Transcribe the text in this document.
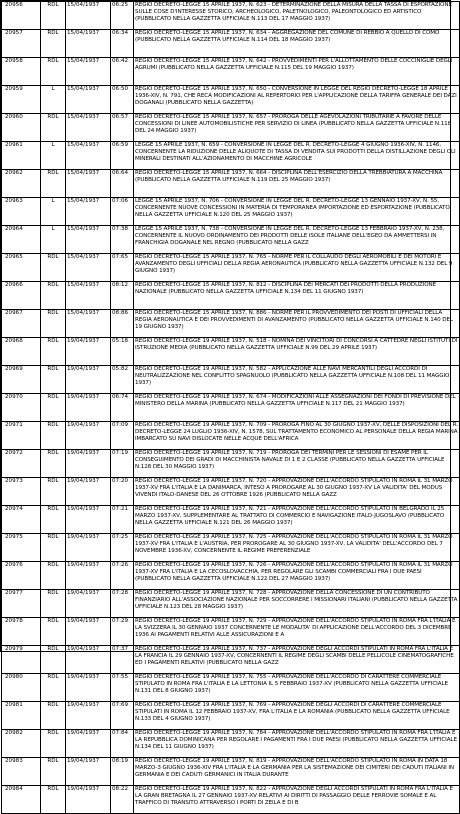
20956	RDL	15/04/1937	06:25	REGIO DECRETO-LEGGE 15 APRILE 1937, N. 623 - DETERMINAZIONE DELLA MISURA DELLA TASSA DI ESPORTAZIONE SULLE COSE D'INTERESSE STORICO, ARCHEOLOGICO, PALETNOLOGICO, PALEONTOLOGICO ED ARTISTICO (PUBBLICATO NELLA GAZZETTA UFFICIALE N.113 DEL 17 MAGGIO 1937)
20957	RDL	15/04/1937	06:34	REGIO DECRETO-LEGGE 15 APRILE 1937, N. 634 - AGGREGAZIONE DEL COMUNE DI REBBIO A QUELLO DI COMO (PUBBLICATO NELLA GAZZETTA UFFICIALE N.114 DEL 18 MAGGIO 1937)
20958	RDL	15/04/1937	06:42	REGIO DECRETO-LEGGE 15 APRILE 1937, N. 642 - PROVVEDIMENTI PER L'ALLOTTAMENTO DELLE COCCINIGLIE DEGLI AGRUMI (PUBBLICATO NELLA GAZZETTA UFFICIALE N.115 DEL 19 MAGGIO 1937)
20959	L	15/04/1937	06:50	REGIO DECRETO-LEGGE 15 APRILE 1937, N. 650 - CONVERSIONE IN LEGGE DEL REGIO DECRETO-LEGGE 18 APRILE 1936-XIV, N. 791, CHE RECA MODIFICAZIONI AL REPERTORIO PER L'APPLICAZIONE DELLA TARIFFA GENERALE DEI DAZI DOGANALI (PUBBLICATO NELLA GAZZETTA)
20960	RDL	15/04/1937	06:57	REGIO DECRETO-LEGGE 15 APRILE 1937, N. 657 - PROROGA DELLE AGEVOLAZIONI TRIBUTARIE A FAVORE DELLE CONCESSIONI DI LINEE AUTOMOBILISTICHE PER SERVIZIO DI LINEA (PUBBLICATO NELLA GAZZETTA UFFICIALE N.118 DEL 24 MAGGIO 1937)
20961	L	15/04/1937	06:59	LEGGE 15 APRILE 1937, N. 659 - CONVERSIONE IN LEGGE DEL R. DECRETO-LEGGE 4 GIUGNO 1936-XIV, N. 1146, CONCERNENTE LA RIDUZIONE DELLE ALIQUOTE DI TASSA DI VENDITA SUI PRODOTTI DELLA DISTILLAZIONE DEGLI OLI MINERALI DESTINATI ALL'AZIONAMENTO DI MACCHINE AGRICOLE
20962	RDL	15/04/1937	06:64	REGIO DECRETO-LEGGE 15 APRILE 1937, N. 664 - DISCIPLINA DELL'ESERCIZIO DELLA TREBBIATURA A MACCHINA (PUBBLICATO NELLA GAZZETTA UFFICIALE N.119 DEL 25 MAGGIO 1937)
20963	L	15/04/1937	07:06	LEGGE 15 APRILE 1937, N. 706 - CONVERSIONE IN LEGGE DEL R. DECRETO-LEGGE 13 GENNAIO 1937-XV, N. 55, CONCERNENTE NUOVE CONCESSIONI IN MATERIA DI TEMPORANEA IMPORTAZIONE ED ESPORTAZIONE (PUBBLICATO NELLA GAZZETTA UFFICIALE N.120 DEL 25 MAGGIO 1937)
20964	L	15/04/1937	07:38	LEGGE 15 APRILE 1937, N. 738 - CONVERSIONE IN LEGGE DEL R. DECRETO-LEGGE 13 FEBBRAIO 1937-XV, N. 238, CONCERNENTE IL NUOVO ORDINAMENTO DEI PRODOTTI DELLE ISOLE ITALIANE DELL'EGEO DA AMMETTERSI IN FRANCHIGIA DOGANALE NEL REGNO (PUBBLICATO NELLA GAZZ
20965	RDL	15/04/1937	07:65	REGIO DECRETO-LEGGE 15 APRILE 1937, N. 765 - NORME PER IL COLLAUDO DEGLI AEROMOBILI E DEI MOTORI E AVANZAMENTO DEGLI UFFICIALI DELLA REGIA AERONAUTICA (PUBBLICATO NELLA GAZZETTA UFFICIALE N.132 DEL 9 GIUGNO 1937)
20966	RDL	15/04/1937	08:12	REGIO DECRETO-LEGGE 15 APRILE 1937, N. 812 - DISCIPLINA DEI MERCATI DEI PRODOTTI DELLA PRODUZIONE NAZIONALE (PUBBLICATO NELLA GAZZETTA UFFICIALE N.134 DEL 11 GIUGNO 1937)
20967	RDL	15/04/1937	08:86	REGIO DECRETO-LEGGE 15 APRILE 1937, N. 886 - NORME PER IL PROVVEDIMENTO DEI POSTI DI UFFICIALI DELLA REGIA AERONAUTICA E DEI PROVVEDIMENTI DI AVANZAMENTO (PUBBLICATO NELLA GAZZETTA UFFICIALE N.140 DEL 19 GIUGNO 1937)
20968	RDL	19/04/1937	05:18	REGIO DECRETO-LEGGE 19 APRILE 1937, N. 518 - NOMINA DEI VINCITORI DI CONCORSI A CATTEDRE NEGLI ISTITUTI DI ISTRUZIONE MEDIA (PUBBLICATO NELLA GAZZETTA UFFICIALE N.99 DEL 29 APRILE 1937)
20969	RDL	19/04/1937	05:82	REGIO DECRETO-LEGGE 19 APRILE 1937, N. 582 - APPLICAZIONE ALLE NAVI MERCANTILI DEGLI ACCORDI DI NEUTRALIZZAZIONE NEL CONFLITTO SPAGNUOLO (PUBBLICATO NELLA GAZZETTA UFFICIALE N.108 DEL 11 MAGGIO 1937)
20970	RDL	19/04/1937	06:74	REGIO DECRETO-LEGGE 19 APRILE 1937, N. 674 - MODIFICAZIONI ALLE ASSEGNAZIONI DEI FONDI DI PREVISIONE DEL MINISTERO DELLA MARINA (PUBBLICATO NELLA GAZZETTA UFFICIALE N.117 DEL 21 MAGGIO 1937)
20971	RDL	19/04/1937	07:09	REGIO DECRETO-LEGGE 19 APRILE 1937, N. 709 - PROROGA FINO AL 30 GIUGNO 1937-XV, DELLE DISPOSIZIONI DEL R. DECRETO-LEGGE 24 LUGLIO 1936-XIV, N. 1578, SUL TRATTAMENTO ECONOMICO AL PERSONALE DELLA REGIA MARINA IMBARCATO SU NAVI DISLOCATE NELLE ACQUE DELL'AFRICA
20972	RDL	19/04/1937	07:19	REGIO DECRETO-LEGGE 19 APRILE 1937, N. 719 - PROROGA DEI TERMINI PER LE SESSIONI DI ESAME PER IL CONSEGUIMENTO DEI GRADI DI MACCHINISTA NAVALE DI 1 E 2 CLASSE (PUBBLICATO NELLA GAZZETTA UFFICIALE N.128 DEL 30 MAGGIO 1937)
20973	RDL	19/04/1937	07:20	REGIO DECRETO-LEGGE 19 APRILE 1937, N. 720 - APPROVAZIONE DELL'ACCORDO STIPULATO IN ROMA IL 31 MARZO 1937-XV FRA L'ITALIA E LA DANIMARCA, INTESO A PROROGARE AL 30 GIUGNO 1937-XV LA VALIDITA' DEL MODUS VIVENDI ITALO-DANESE DEL 26 OTTOBRE 1926 (PUBBLICATO NELLA GAZZ
20974	RDL	19/04/1937	07:21	REGIO DECRETO-LEGGE 19 APRILE 1937, N. 721 - APPROVAZIONE DELL'ACCORDO STIPULATO IN BELGRADO IL 25 MARZO 1937-XV, SUPPLEMENTARE AL TRATTATO DI COMMERCIO E NAVIGAZIONE ITALO-JUGOSLAVO (PUBBLICATO NELLA GAZZETTA UFFICIALE N.121 DEL 26 MAGGIO 1937)
20975	RDL	19/04/1937	07:25	REGIO DECRETO-LEGGE 19 APRILE 1937, N. 725 - APPROVAZIONE DELL'ACCORDO STIPULATO IN ROMA IL 31 MARZO 1937-XV FRA L'ITALIA E L'AUSTRIA, PER PROROGARE AL 30 GIUGNO 1937-XV, LA VALIDITA' DELL'ACCORDO DEL 7 NOVEMBRE 1936-XV, CONCERNENTE IL REGIME PREFERENZIALE
20976	RDL	19/04/1937	07:26	REGIO DECRETO-LEGGE 19 APRILE 1937, N. 726 - APPROVAZIONE DELL'ACCORDO STIPULATO IN ROMA IL 31 MARZO 1937-XV FRA L'ITALIA E LA CECOSLOVACCHIA, PER REGOLARE GLI SCAMBI COMMERCIALI FRA I DUE PAESI (PUBBLICATO NELLA GAZZETTA UFFICIALE N.122 DEL 27 MAGGIO 1937)
20977	RDL	19/04/1937	07:28	REGIO DECRETO-LEGGE 19 APRILE 1937, N. 728 - APPROVAZIONE DELLA CONCESSIONE DI UN CONTRIBUTO FINANZIARIO ALL'ASSOCIAZIONE NAZIONALE PER SOCCORRERE I MISSIONARI ITALIANI (PUBBLICATO NELLA GAZZETTA UFFICIALE N.123 DEL 28 MAGGIO 1937)
20978	RDL	19/04/1937	07:29	REGIO DECRETO-LEGGE 19 APRILE 1937, N. 729 - APPROVAZIONE DELL'ACCORDO STIPULATO IN ROMA FRA L'ITALIA E LA SVIZZERA IL 30 GENNAIO 1937 CONCERNENTE LE MODALITA' DI APPLICAZIONE DELL'ACCORDO DEL 3 DICEMBRE 1936 AI PAGAMENTI RELATIVI ALLE ASSICURAZIONI E A
20979	RDL	19/04/1937	07:37	REGIO DECRETO-LEGGE 19 APRILE 1937, N. 737 - APPROVAZIONE DEGLI ACCORDI STIPULATI IN ROMA FRA L'ITALIA E LA FRANCIA IL 29 GENNAIO 1937-XV, CONCERNENTI IL REGIME DEGLI SCAMBI DELLE PELLICOLE CINEMATOGRAFICHE ED I PAGAMENTI RELATIVI (PUBBLICATO NELLA GAZZ
20980	RDL	19/04/1937	07:55	REGIO DECRETO-LEGGE 19 APRILE 1937, N. 755 - APPROVAZIONE DELL'ACCORDO DI CARATTERE COMMERCIALE STIPULATO IN ROMA FRA L'ITALIA E LA LETTONIA IL 5 FEBBRAIO 1937-XV (PUBBLICATO NELLA GAZZETTA UFFICIALE N.131 DEL 8 GIUGNO 1937)
20981	RDL	19/04/1937	07:69	REGIO DECRETO-LEGGE 19 APRILE 1937, N. 769 - APPROVAZIONE DEGLI ACCORDI DI CARATTERE COMMERCIALE STIPULATI IN ROMA IL 12 FEBBRAIO 1937-XV, FRA L'ITALIA E LA ROMANIA (PUBBLICATO NELLA GAZZETTA UFFICIALE N.133 DEL 4 GIUGNO 1937)
20982	RDL	19/04/1937	07:84	REGIO DECRETO-LEGGE 19 APRILE 1937, N. 784 - APPROVAZIONE DELL'ACCORDO STIPULATO IN ROMA FRA L'ITALIA E LA REPUBBLICA DOMINICANA PER REGOLARE I PAGAMENTI FRA I DUE PAESI (PUBBLICATO NELLA GAZZETTA UFFICIALE N.134 DEL 11 GIUGNO 1937)
20983	RDL	19/04/1937	08:19	REGIO DECRETO-LEGGE 19 APRILE 1937, N. 819 - APPROVAZIONE DELL'ACCORDO STIPULATO IN ROMA IN DATA 18 MARZO-3 GIUGNO 1936-XIV FRA L'ITALIA E LA GERMANIA PER LA SISTEMAZIONE DEI CIMITERI DEI CADUTI ITALIANI IN GERMANIA E DEI CADUTI GERMANICI IN ITALIA DURANTE
20984	RDL	19/04/1937	08:22	REGIO DECRETO-LEGGE 19 APRILE 1937, N. 822 - APPROVAZIONE DEGLI ACCORDI STIPULATI IN ROMA FRA L'ITALIA E LA GRAN BRETAGNA IL 27 GENNAIO 1937-XV RELATIVI AI DIRITTI DI PASSAGGIO DELLE FERROVIE SOMALE E AL TRAFFICO DI TRANSITO ATTRAVERSO I PORTI DI ZEILA E DI B
